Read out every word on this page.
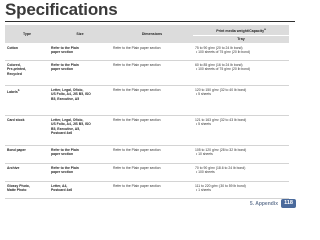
Specifications
Type	Size	Dimensions	Print media weight/Capacity$^a$
			Tray

Cotton	Refer to the Plain
paper section	Refer to the Plain paper section	75 to 90 g/m² (20 to 24 lb bond)
• 100 sheets of 75 g/m² (20 lb bond)

Colored,
Pre-printed,
Recycled	Refer to the Plain
paper section	Refer to the Plain paper section	60 to 85 g/m² (16 to 24 lb bond)
• 100 sheets of 75 g/m² (20 lb bond)

Labels$^b$	Letter, Legal, Oficio,
US Folio, A4, JIS B5, ISO
B5, Executive, A5	Refer to the Plain paper section	120 to 150 g/m² (32 to 40 lb bond)
• 5 sheets

Card stock	Letter, Legal, Oficio,
US Folio, A4, JIS B5, ISO
B5, Executive, A5,
Postcard 4x6	Refer to the Plain paper section	121 to 163 g/m² (32 to 43 lb bond)
• 5 sheets

Bond paper	Refer to the Plain
paper section	Refer to the Plain paper section	105 to 120 g/m² (28 to 32 lb bond)
• 10 sheets

Archive	Refer to the Plain
paper section	Refer to the Plain paper section	70 to 90 g/m² (18.6 to 24 lb bond)
• 100 sheets

Glossy Photo,
Matte Photo	Letter, A4,
Postcard 4x6	Refer to the Plain paper section	111 to 220 g/m² (30 to 59 lb bond)
• 1 sheets
5. Appendix	118
